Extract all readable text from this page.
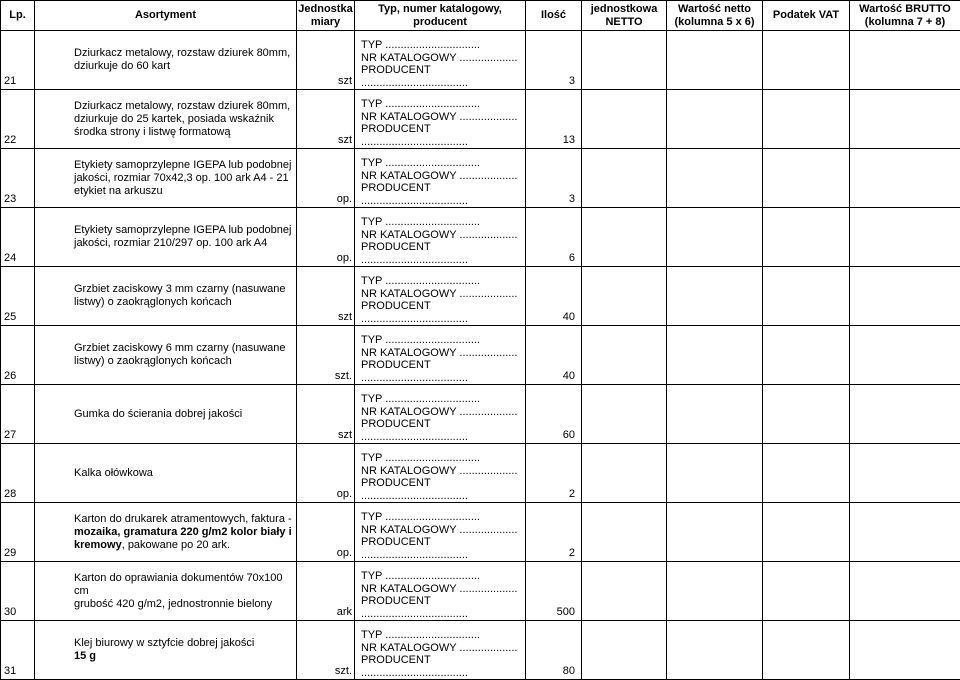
Lp.	Asortyment	Jednostka
miary	Typ, numer katalogowy, producent	Ilość	jednostkowa
NETTO	Wartość netto
(kolumna 5 x 6)	Podatek VAT	Wartość BRUTTO
(kolumna 7 + 8)
21	Dziurkacz metalowy, rozstaw dziurek 80mm,
dziurkuje do 60 kart	szt	TYP ...............................
NR KATALOGOWY ...................
PRODUCENT
...................................	3				
22	Dziurkacz metalowy, rozstaw dziurek 80mm,
dziurkuje do 25 kartek, posiada wskaźnik
środka strony i listwę formatową	szt	TYP ...............................
NR KATALOGOWY ...................
PRODUCENT
...................................	13				
23	Etykiety samoprzylepne IGEPA lub podobnej
jakości, rozmiar 70x42,3 op. 100 ark A4 - 21
etykiet na arkuszu	op.	TYP ...............................
NR KATALOGOWY ...................
PRODUCENT
...................................	3				
24	Etykiety samoprzylepne IGEPA lub podobnej
jakości, rozmiar 210/297 op. 100 ark A4	op.	TYP ...............................
NR KATALOGOWY ...................
PRODUCENT
...................................	6				
25	Grzbiet zaciskowy 3 mm czarny (nasuwane
listwy) o zaokrąglonych końcach	szt	TYP ...............................
NR KATALOGOWY ...................
PRODUCENT
...................................	40				
26	Grzbiet zaciskowy 6 mm czarny (nasuwane
listwy) o zaokrąglonych końcach	szt.	TYP ...............................
NR KATALOGOWY ...................
PRODUCENT
...................................	40				
27	Gumka do ścierania dobrej jakości	szt	TYP ...............................
NR KATALOGOWY ...................
PRODUCENT
...................................	60				
28	Kalka ołówkowa	op.	TYP ...............................
NR KATALOGOWY ...................
PRODUCENT
...................................	2				
29	Karton do drukarek atramentowych, faktura -
mozaika, gramatura 220 g/m2 kolor biały i
kremowy, pakowane po 20 ark.	op.	TYP ...............................
NR KATALOGOWY ...................
PRODUCENT
...................................	2				
30	Karton do oprawiania dokumentów 70x100 cm
grubość 420 g/m2, jednostronnie bielony	ark	TYP ...............................
NR KATALOGOWY ...................
PRODUCENT
...................................	500				
31	Klej biurowy w sztyfcie dobrej jakości
15 g	szt.	TYP ...............................
NR KATALOGOWY ...................
PRODUCENT
...................................	80				
